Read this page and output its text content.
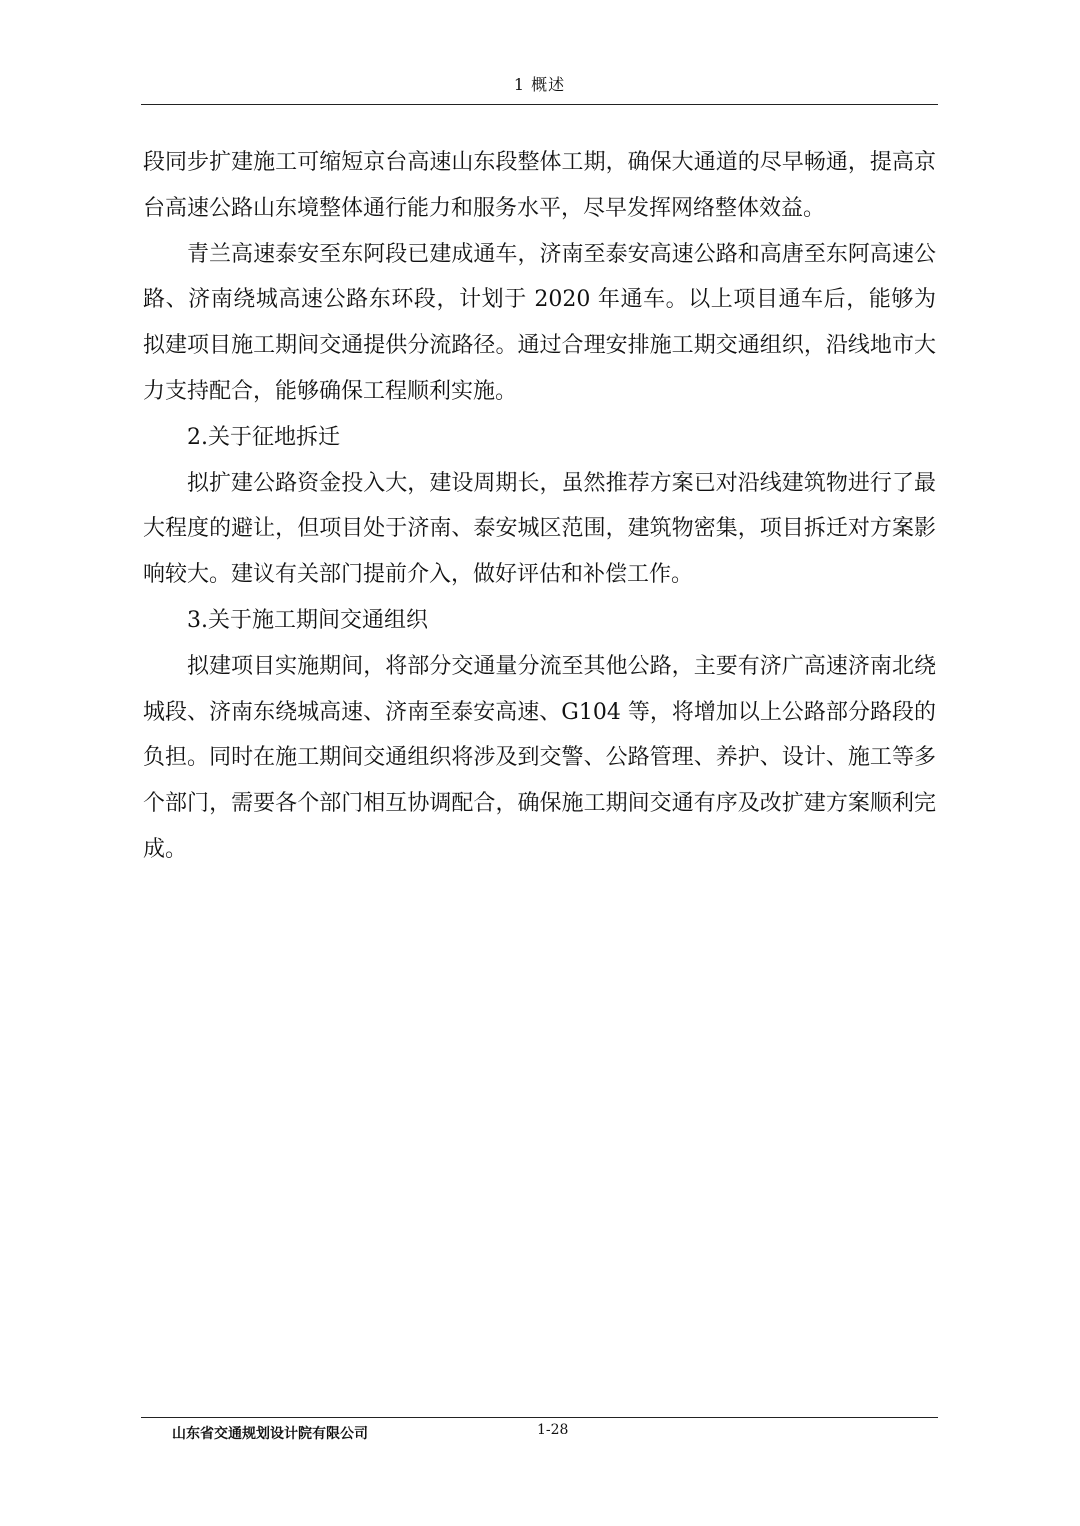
1 概述

段同步扩建施工可缩短京台高速山东段整体工期，确保大通道的尽早畅通，提高京台高速公路山东境整体通行能力和服务水平，尽早发挥网络整体效益。

青兰高速泰安至东阿段已建成通车，济南至泰安高速公路和高唐至东阿高速公路、济南绕城高速公路东环段，计划于 2020 年通车。以上项目通车后，能够为拟建项目施工期间交通提供分流路径。通过合理安排施工期交通组织，沿线地市大力支持配合，能够确保工程顺利实施。

2.关于征地拆迁

拟扩建公路资金投入大，建设周期长，虽然推荐方案已对沿线建筑物进行了最大程度的避让，但项目处于济南、泰安城区范围，建筑物密集，项目拆迁对方案影响较大。建议有关部门提前介入，做好评估和补偿工作。

3.关于施工期间交通组织

拟建项目实施期间，将部分交通量分流至其他公路，主要有济广高速济南北绕城段、济南东绕城高速、济南至泰安高速、G104 等，将增加以上公路部分路段的负担。同时在施工期间交通组织将涉及到交警、公路管理、养护、设计、施工等多个部门，需要各个部门相互协调配合，确保施工期间交通有序及改扩建方案顺利完成。

山东省交通规划设计院有限公司	1-28
